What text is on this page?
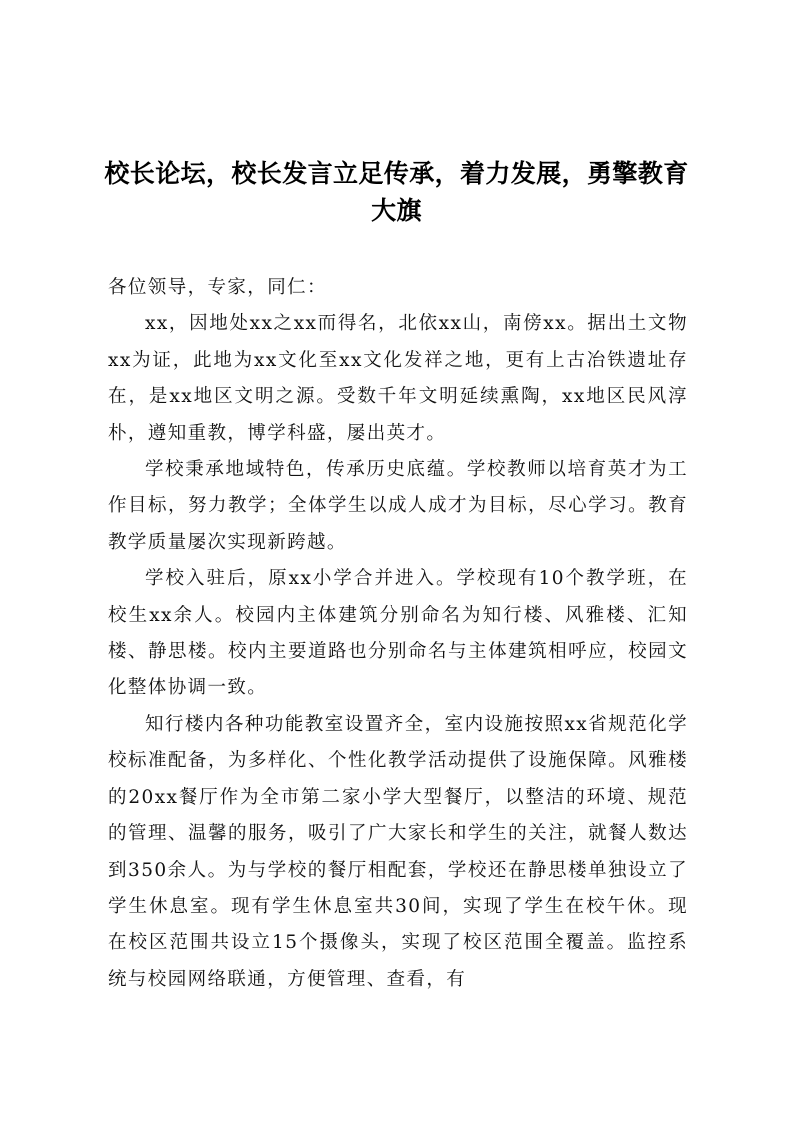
校长论坛，校长发言立足传承，着力发展，勇擎教育大旗

各位领导，专家，同仁：

xx，因地处xx之xx而得名，北依xx山，南傍xx。据出土文物xx为证，此地为xx文化至xx文化发祥之地，更有上古冶铁遗址存在，是xx地区文明之源。受数千年文明延续熏陶，xx地区民风淳朴，遵知重教，博学科盛，屡出英才。

学校秉承地域特色，传承历史底蕴。学校教师以培育英才为工作目标，努力教学；全体学生以成人成才为目标，尽心学习。教育教学质量屡次实现新跨越。

学校入驻后，原xx小学合并进入。学校现有10个教学班，在校生xx余人。校园内主体建筑分别命名为知行楼、风雅楼、汇知楼、静思楼。校内主要道路也分别命名与主体建筑相呼应，校园文化整体协调一致。

知行楼内各种功能教室设置齐全，室内设施按照xx省规范化学校标准配备，为多样化、个性化教学活动提供了设施保障。风雅楼的20xx餐厅作为全市第二家小学大型餐厅，以整洁的环境、规范的管理、温馨的服务，吸引了广大家长和学生的关注，就餐人数达到350余人。为与学校的餐厅相配套，学校还在静思楼单独设立了学生休息室。现有学生休息室共30间，实现了学生在校午休。现在校区范围共设立15个摄像头，实现了校区范围全覆盖。监控系统与校园网络联通，方便管理、查看，有
